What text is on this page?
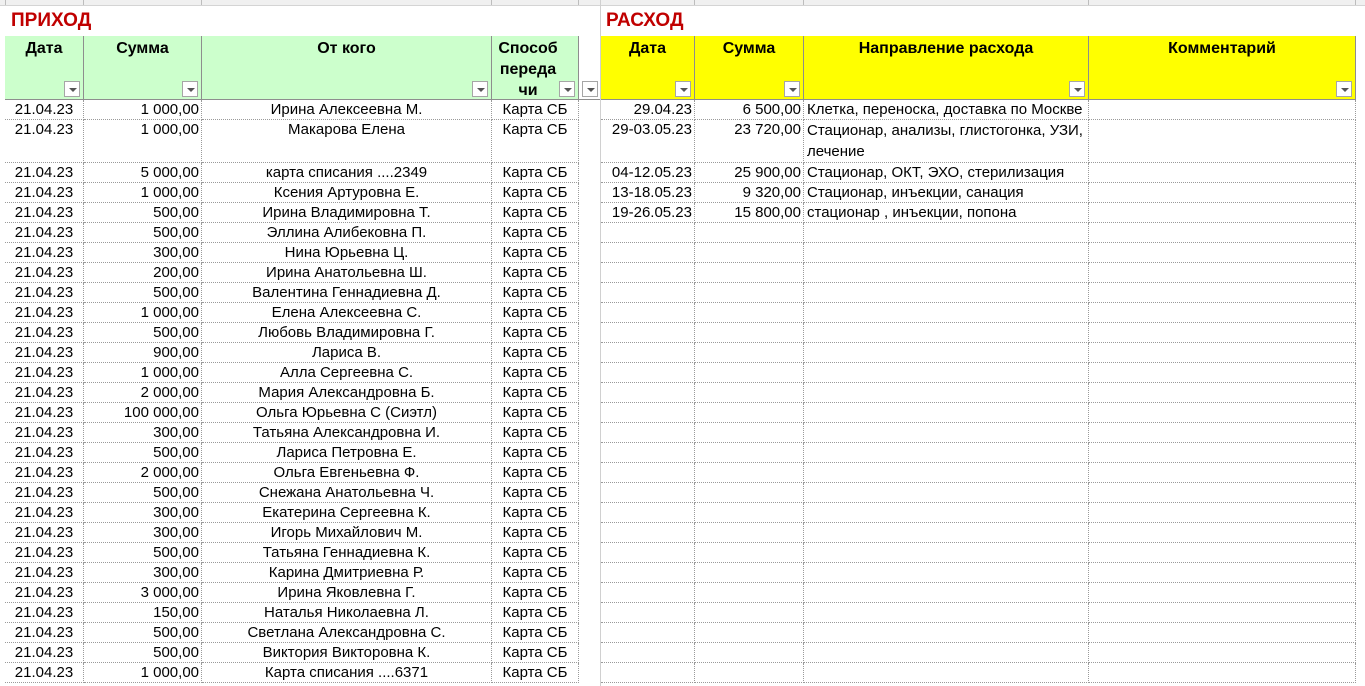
ПРИХОД	РАСХОД
Дата	Сумма	От кого	Способ передачи
21.04.23	1 000,00	Ирина Алексеевна М.	Карта СБ
21.04.23	1 000,00	Макарова Елена	Карта СБ
21.04.23	5 000,00	карта списания ....2349	Карта СБ
21.04.23	1 000,00	Ксения Артуровна Е.	Карта СБ
21.04.23	500,00	Ирина Владимировна Т.	Карта СБ
21.04.23	500,00	Эллина Алибековна П.	Карта СБ
21.04.23	300,00	Нина Юрьевна Ц.	Карта СБ
21.04.23	200,00	Ирина Анатольевна Ш.	Карта СБ
21.04.23	500,00	Валентина Геннадиевна Д.	Карта СБ
21.04.23	1 000,00	Елена Алексеевна С.	Карта СБ
21.04.23	500,00	Любовь Владимировна Г.	Карта СБ
21.04.23	900,00	Лариса В.	Карта СБ
21.04.23	1 000,00	Алла Сергеевна С.	Карта СБ
21.04.23	2 000,00	Мария Александровна Б.	Карта СБ
21.04.23	100 000,00	Ольга Юрьевна С (Сиэтл)	Карта СБ
21.04.23	300,00	Татьяна Александровна И.	Карта СБ
21.04.23	500,00	Лариса Петровна Е.	Карта СБ
21.04.23	2 000,00	Ольга Евгеньевна Ф.	Карта СБ
21.04.23	500,00	Снежана Анатольевна Ч.	Карта СБ
21.04.23	300,00	Екатерина Сергеевна К.	Карта СБ
21.04.23	300,00	Игорь Михайлович М.	Карта СБ
21.04.23	500,00	Татьяна Геннадиевна К.	Карта СБ
21.04.23	300,00	Карина Дмитриевна Р.	Карта СБ
21.04.23	3 000,00	Ирина Яковлевна Г.	Карта СБ
21.04.23	150,00	Наталья Николаевна Л.	Карта СБ
21.04.23	500,00	Светлана Александровна С.	Карта СБ
21.04.23	500,00	Виктория Викторовна К.	Карта СБ
21.04.23	1 000,00	Карта списания ....6371	Карта СБ
Дата	Сумма	Направление расхода	Комментарий
29.04.23	6 500,00 Клетка, переноска, доставка по Москве
29-03.05.23	23 720,00 Стационар, анализы, глистогонка, УЗИ, лечение
04-12.05.23	25 900,00 Стационар, ОКТ, ЭХО, стерилизация
13-18.05.23	9 320,00 Стационар, инъекции, санация
19-26.05.23	15 800,00 стационар , инъекции, попона
